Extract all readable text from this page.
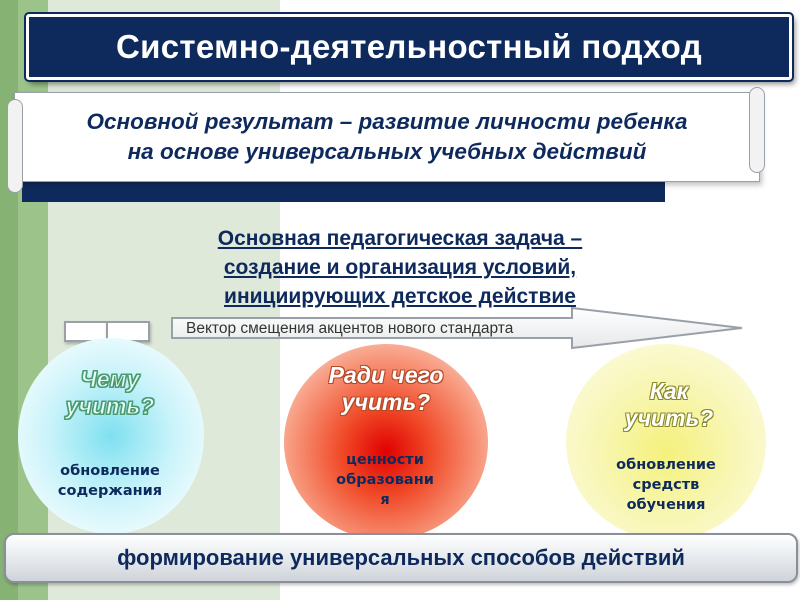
Системно-деятельностный подход
Основной результат – развитие личности ребенка
на основе универсальных учебных действий
Основная педагогическая задача –
создание и организация условий,
инициирующих детское действие
Вектор смещения акцентов нового стандарта
Чему
учить?
Ради чего
учить?	Как
учить?
обновление
содержания
ценности
образовани
я
обновление
средств
обучения
формирование универсальных способов действий
